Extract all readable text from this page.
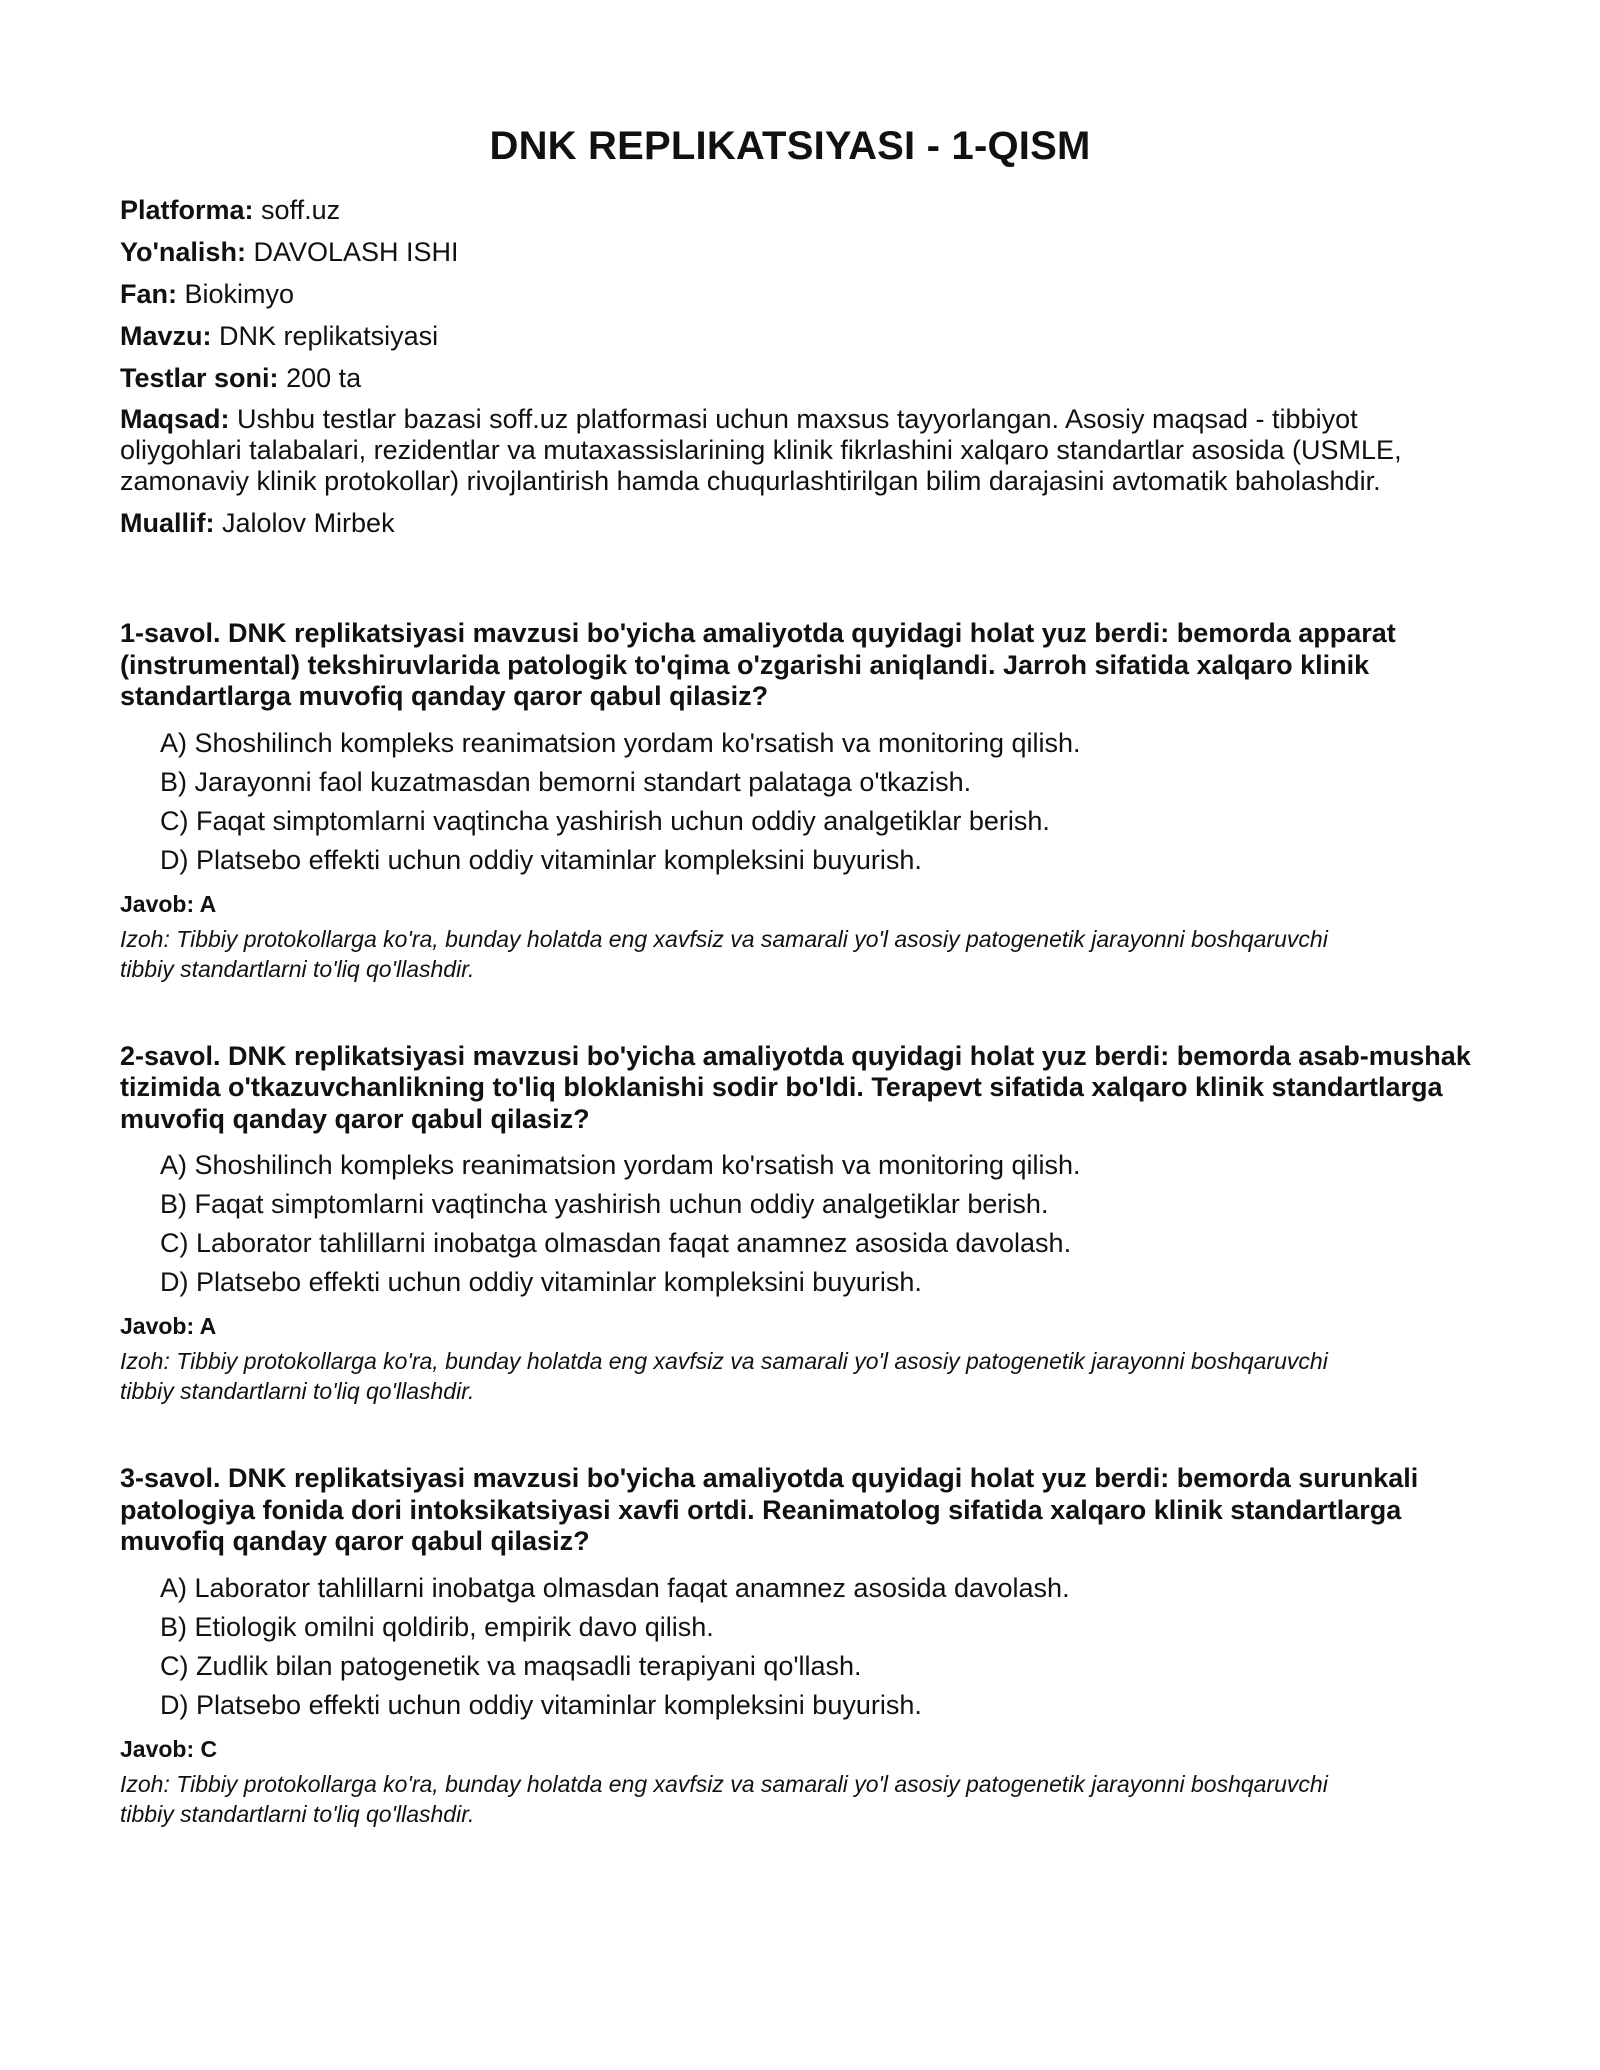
DNK REPLIKATSIYASI - 1-QISM
Platforma: soff.uz
Yo'nalish: DAVOLASH ISHI
Fan: Biokimyo
Mavzu: DNK replikatsiyasi
Testlar soni: 200 ta
Maqsad: Ushbu testlar bazasi soff.uz platformasi uchun maxsus tayyorlangan. Asosiy maqsad - tibbiyot oliygohlari talabalari, rezidentlar va mutaxassislarining klinik fikrlashini xalqaro standartlar asosida (USMLE, zamonaviy klinik protokollar) rivojlantirish hamda chuqurlashtirilgan bilim darajasini avtomatik baholashdir.
Muallif: Jalolov Mirbek

1-savol. DNK replikatsiyasi mavzusi bo'yicha amaliyotda quyidagi holat yuz berdi: bemorda apparat (instrumental) tekshiruvlarida patologik to'qima o'zgarishi aniqlandi. Jarroh sifatida xalqaro klinik standartlarga muvofiq qanday qaror qabul qilasiz?

A) Shoshilinch kompleks reanimatsion yordam ko'rsatish va monitoring qilish.
B) Jarayonni faol kuzatmasdan bemorni standart palataga o'tkazish.
C) Faqat simptomlarni vaqtincha yashirish uchun oddiy analgetiklar berish.
D) Platsebo effekti uchun oddiy vitaminlar kompleksini buyurish.
Javob: A
Izoh: Tibbiy protokollarga ko'ra, bunday holatda eng xavfsiz va samarali yo'l asosiy patogenetik jarayonni boshqaruvchi tibbiy standartlarni to'liq qo'llashdir.

2-savol. DNK replikatsiyasi mavzusi bo'yicha amaliyotda quyidagi holat yuz berdi: bemorda asab-mushak tizimida o'tkazuvchanlikning to'liq bloklanishi sodir bo'ldi. Terapevt sifatida xalqaro klinik standartlarga muvofiq qanday qaror qabul qilasiz?

A) Shoshilinch kompleks reanimatsion yordam ko'rsatish va monitoring qilish.
B) Faqat simptomlarni vaqtincha yashirish uchun oddiy analgetiklar berish.
C) Laborator tahlillarni inobatga olmasdan faqat anamnez asosida davolash.
D) Platsebo effekti uchun oddiy vitaminlar kompleksini buyurish.
Javob: A
Izoh: Tibbiy protokollarga ko'ra, bunday holatda eng xavfsiz va samarali yo'l asosiy patogenetik jarayonni boshqaruvchi tibbiy standartlarni to'liq qo'llashdir.

3-savol. DNK replikatsiyasi mavzusi bo'yicha amaliyotda quyidagi holat yuz berdi: bemorda surunkali patologiya fonida dori intoksikatsiyasi xavfi ortdi. Reanimatolog sifatida xalqaro klinik standartlarga muvofiq qanday qaror qabul qilasiz?

A) Laborator tahlillarni inobatga olmasdan faqat anamnez asosida davolash.
B) Etiologik omilni qoldirib, empirik davo qilish.
C) Zudlik bilan patogenetik va maqsadli terapiyani qo'llash.
D) Platsebo effekti uchun oddiy vitaminlar kompleksini buyurish.
Javob: C
Izoh: Tibbiy protokollarga ko'ra, bunday holatda eng xavfsiz va samarali yo'l asosiy patogenetik jarayonni boshqaruvchi tibbiy standartlarni to'liq qo'llashdir.
